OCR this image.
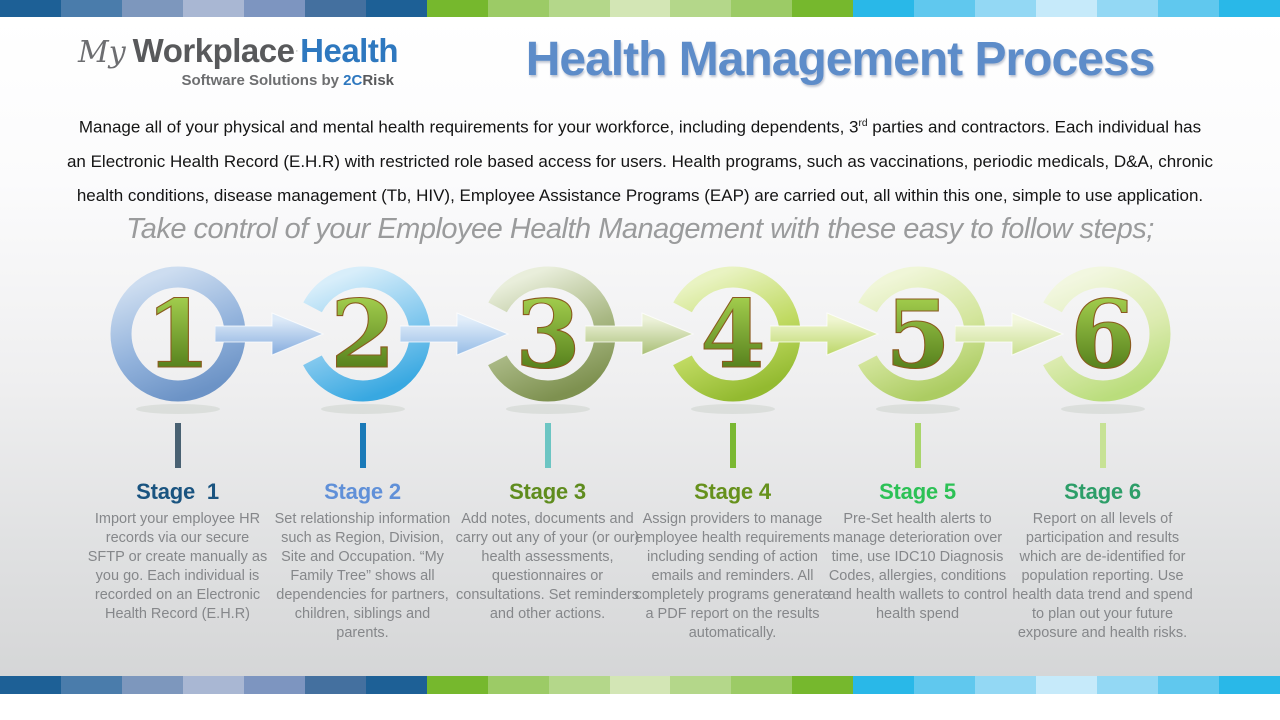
My Workplace Health
Software Solutions by 2CRisk	Health Management Process
Manage all of your physical and mental health requirements for your workforce, including dependents, 3rd parties and contractors. Each individual has
an Electronic Health Record (E.H.R) with restricted role based access for users. Health programs, such as vaccinations, periodic medicals, D&A, chronic
health conditions, disease management (Tb, HIV), Employee Assistance Programs (EAP) are carried out, all within this one, simple to use application.
Take control of your Employee Health Management with these easy to follow steps;
1
Stage  1

Import your employee HR records via our secure SFTP or create manually as you go. Each individual is recorded on an Electronic Health Record (E.H.R)

2
Stage 2

Set relationship information such as Region, Division, Site and Occupation. “My Family Tree” shows all dependencies for partners, children, siblings and parents.

3
Stage 3

Add notes, documents and carry out any of your (or our) health assessments, questionnaires or consultations. Set reminders and other actions.

4
Stage 4

Assign providers to manage employee health requirements including sending of action emails and reminders. All completely programs generate a PDF report on the results automatically.

5
Stage 5

Pre-Set health alerts to manage deterioration over time, use IDC10 Diagnosis Codes, allergies, conditions and health wallets to control health spend

6
Stage 6

Report on all levels of participation and results which are de-identified for population reporting. Use health data trend and spend to plan out your future exposure and health risks.
